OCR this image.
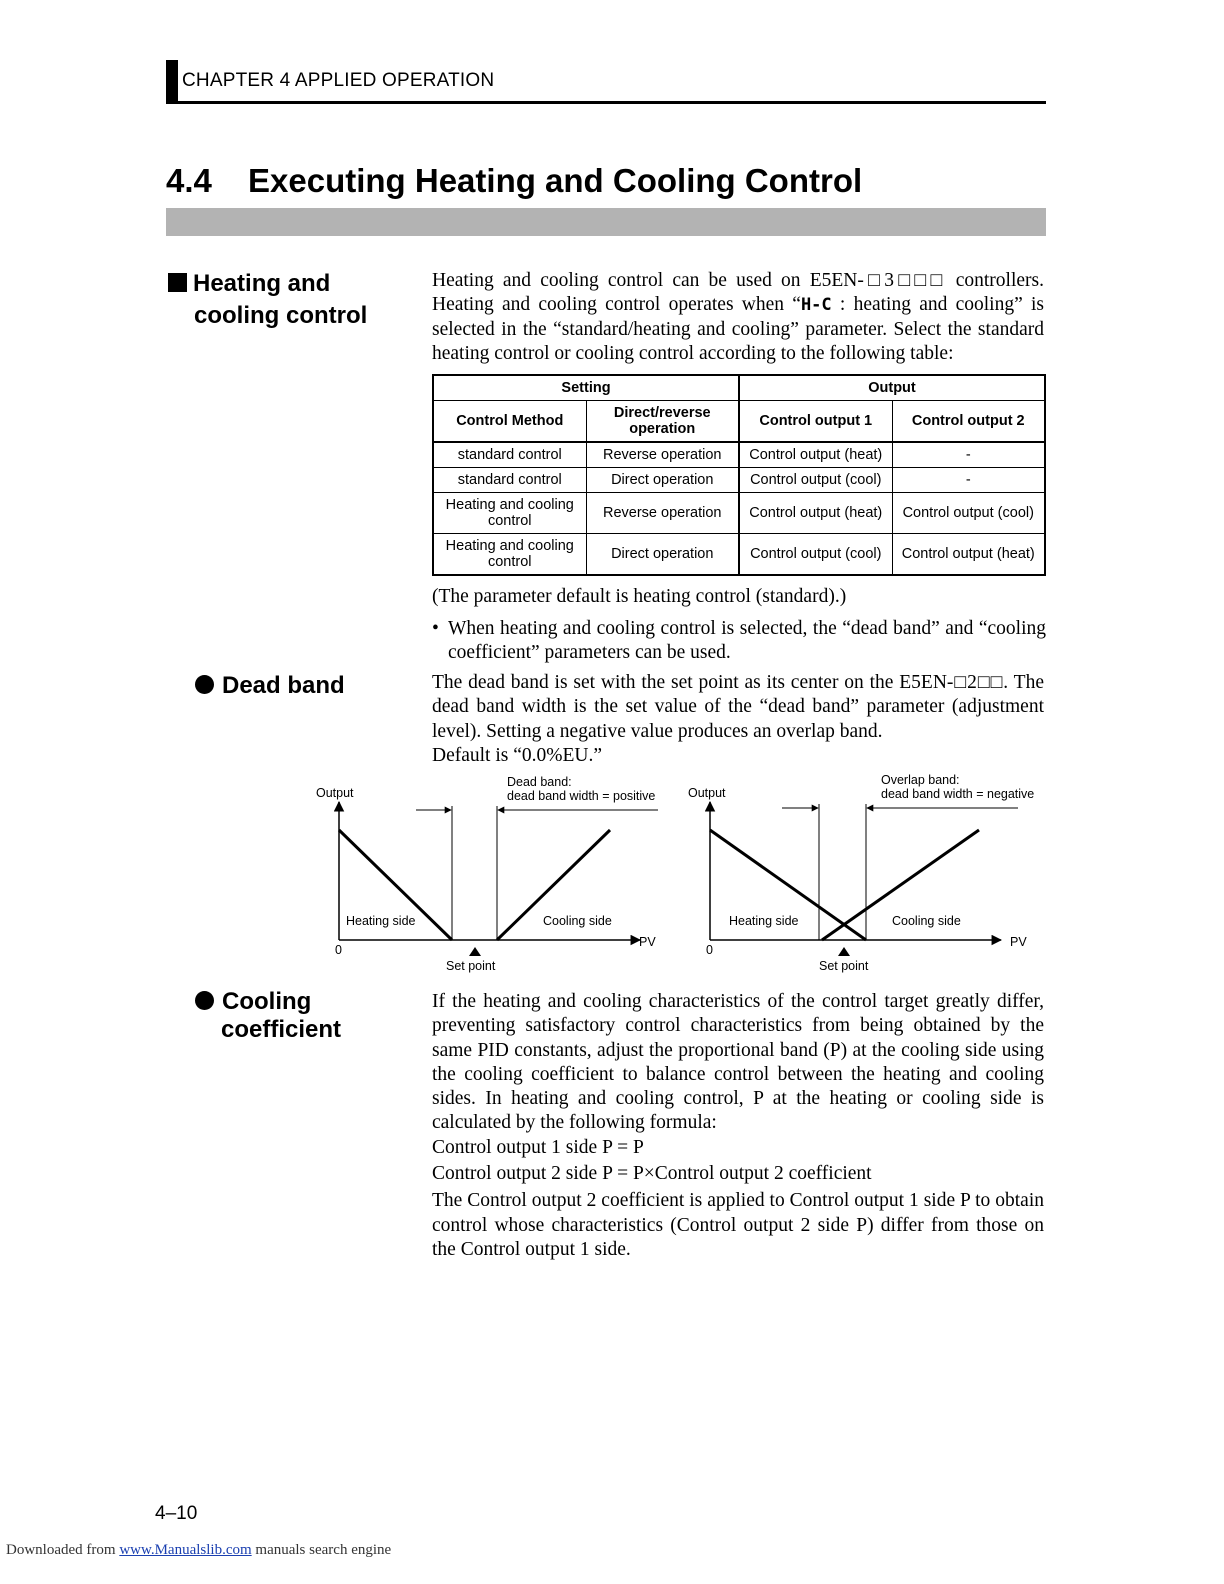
CHAPTER 4 APPLIED OPERATION
4.4 Executing Heating and Cooling Control
Heating and
cooling control

Heating and cooling control can be used on E5EN-□3□□□ controllers. Heating and cooling control operates when “H-C : heating and cooling” is selected in the “standard/heating and cooling” parameter. Select the standard heating control or cooling control according to the following table:

Setting		Output	
Control Method	Direct/reverse operation	Control output 1	Control output 2
standard control	Reverse operation	Control output (heat)	-
standard control	Direct operation	Control output (cool)	-
Heating and cooling control	Reverse operation	Control output (heat)	Control output (cool)
Heating and cooling control	Direct operation	Control output (cool)	Control output (heat)
(The parameter default is heating control (standard).)
• When heating and cooling control is selected, the “dead band” and “cooling coefficient” parameters can be used.
Dead band	The dead band is set with the set point as its center on the E5EN-□2□□. The dead band width is the set value of the “dead band” parameter (adjustment level). Setting a negative value produces an overlap band.

Default is “0.0%EU.”

Output
Dead band:
dead band width = positive
Heating side	Cooling side
0
PV
Set point
Output
Overlap band:
dead band width = negative
Heating side	Cooling side
0
PV
Set point
Cooling
coefficient

If the heating and cooling characteristics of the control target greatly differ, preventing satisfactory control characteristics from being obtained by the same PID constants, adjust the proportional band (P) at the cooling side using the cooling coefficient to balance control between the heating and cooling sides. In heating and cooling control, P at the heating or cooling side is calculated by the following formula:

Control output 1 side P = P

Control output 2 side P = P×Control output 2 coefficient

The Control output 2 coefficient is applied to Control output 1 side P to obtain control whose characteristics (Control output 2 side P) differ from those on the Control output 1 side.

4–10
Downloaded from www.Manualslib.com manuals search engine
